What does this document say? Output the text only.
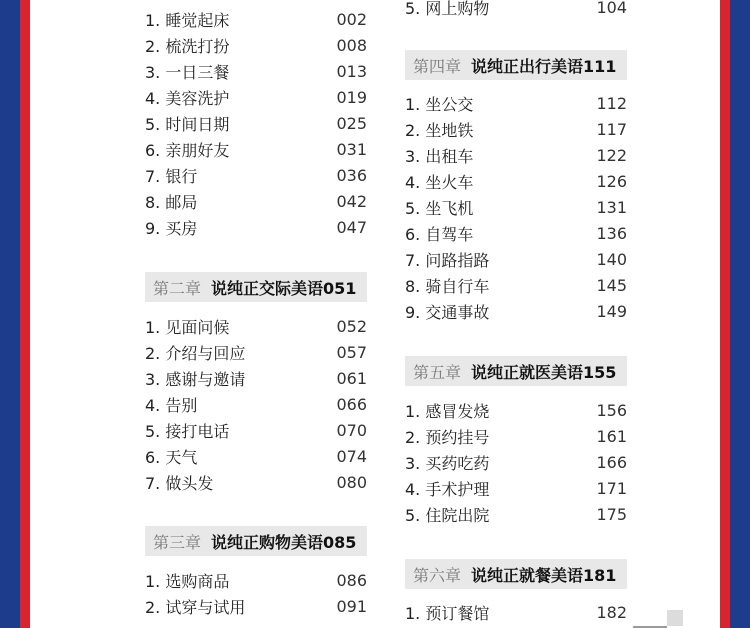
1. 睡觉起床	002
2. 梳洗打扮	008
3. 一日三餐	013
4. 美容洗护	019
5. 时间日期	025
6. 亲朋好友	031
7. 银行	036
8. 邮局	042
9. 买房	047
第二章 说纯正交际美语051
1. 见面问候	052
2. 介绍与回应	057
3. 感谢与邀请	061
4. 告别	066
5. 接打电话	070
6. 天气	074
7. 做头发	080
第三章 说纯正购物美语085
1. 选购商品	086
2. 试穿与试用	091
5. 网上购物	104
第四章 说纯正出行美语111
1. 坐公交	112
2. 坐地铁	117
3. 出租车	122
4. 坐火车	126
5. 坐飞机	131
6. 自驾车	136
7. 问路指路	140
8. 骑自行车	145
9. 交通事故	149
第五章 说纯正就医美语155
1. 感冒发烧	156
2. 预约挂号	161
3. 买药吃药	166
4. 手术护理	171
5. 住院出院	175
第六章 说纯正就餐美语181
1. 预订餐馆	182
